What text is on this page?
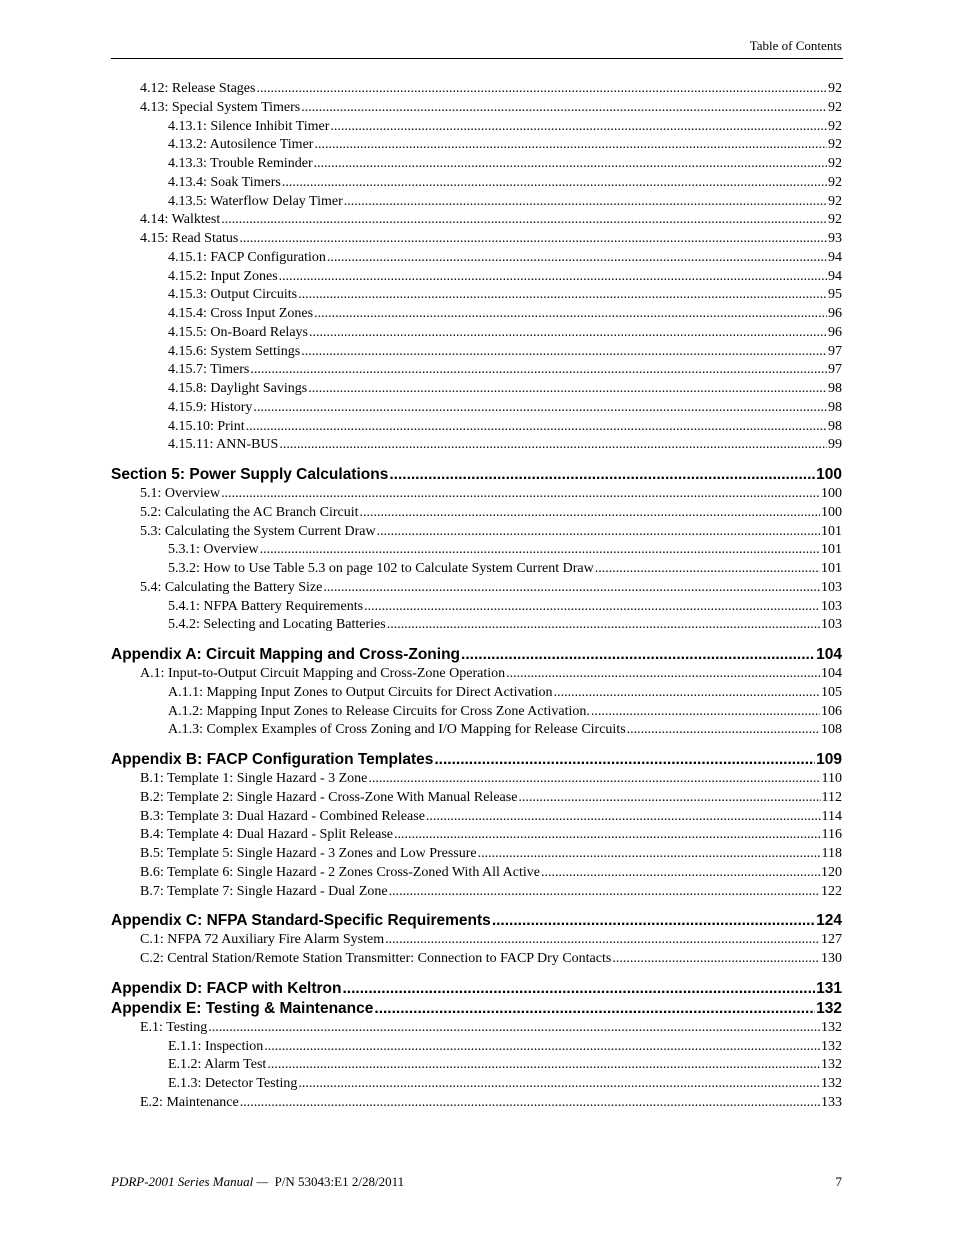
Table of Contents
4.12: Release Stages .....	92
4.13: Special System Timers .....	92
4.13.1: Silence Inhibit Timer .....	92
4.13.2: Autosilence Timer .....	92
4.13.3: Trouble Reminder .....	92
4.13.4: Soak Timers .....	92
4.13.5: Waterflow Delay Timer .....	92
4.14: Walktest .....	92
4.15: Read Status .....	93
4.15.1: FACP Configuration .....	94
4.15.2: Input Zones .....	94
4.15.3: Output Circuits .....	95
4.15.4: Cross Input Zones .....	96
4.15.5: On-Board Relays .....	96
4.15.6: System Settings .....	97
4.15.7: Timers .....	97
4.15.8: Daylight Savings .....	98
4.15.9: History .....	98
4.15.10: Print .....	98
4.15.11: ANN-BUS .....	99
Section 5: Power Supply Calculations .....	100
5.1: Overview .....	100
5.2: Calculating the AC Branch Circuit .....	100
5.3: Calculating the System Current Draw .....	101
5.3.1: Overview .....	101
5.3.2: How to Use Table 5.3 on page 102 to Calculate System Current Draw .....	101
5.4: Calculating the Battery Size .....	103
5.4.1: NFPA Battery Requirements .....	103
5.4.2: Selecting and Locating Batteries .....	103
Appendix A: Circuit Mapping and Cross-Zoning .....	104
A.1: Input-to-Output Circuit Mapping and Cross-Zone Operation .....	104
A.1.1: Mapping Input Zones to Output Circuits for Direct Activation .....	105
A.1.2: Mapping Input Zones to Release Circuits for Cross Zone Activation. .....	106
A.1.3: Complex Examples of Cross Zoning and I/O Mapping for Release Circuits .....	108
Appendix B: FACP Configuration Templates .....	109
B.1: Template 1: Single Hazard - 3 Zone .....	110
B.2: Template 2: Single Hazard - Cross-Zone With Manual Release .....	112
B.3: Template 3: Dual Hazard - Combined Release .....	114
B.4: Template 4: Dual Hazard - Split Release .....	116
B.5: Template 5: Single Hazard - 3 Zones and Low Pressure .....	118
B.6: Template 6: Single Hazard - 2 Zones Cross-Zoned With All Active .....	120
B.7: Template 7: Single Hazard - Dual Zone .....	122
Appendix C: NFPA Standard-Specific Requirements .....	124
C.1: NFPA 72 Auxiliary Fire Alarm System .....	127
C.2: Central Station/Remote Station Transmitter: Connection to FACP Dry Contacts .....	130
Appendix D: FACP with Keltron .....	131
Appendix E: Testing & Maintenance .....	132
E.1: Testing .....	132
E.1.1: Inspection .....	132
E.1.2: Alarm Test .....	132
E.1.3: Detector Testing .....	132
E.2: Maintenance .....	133
PDRP-2001 Series Manual — P/N 53043:E1 2/28/2011	7
